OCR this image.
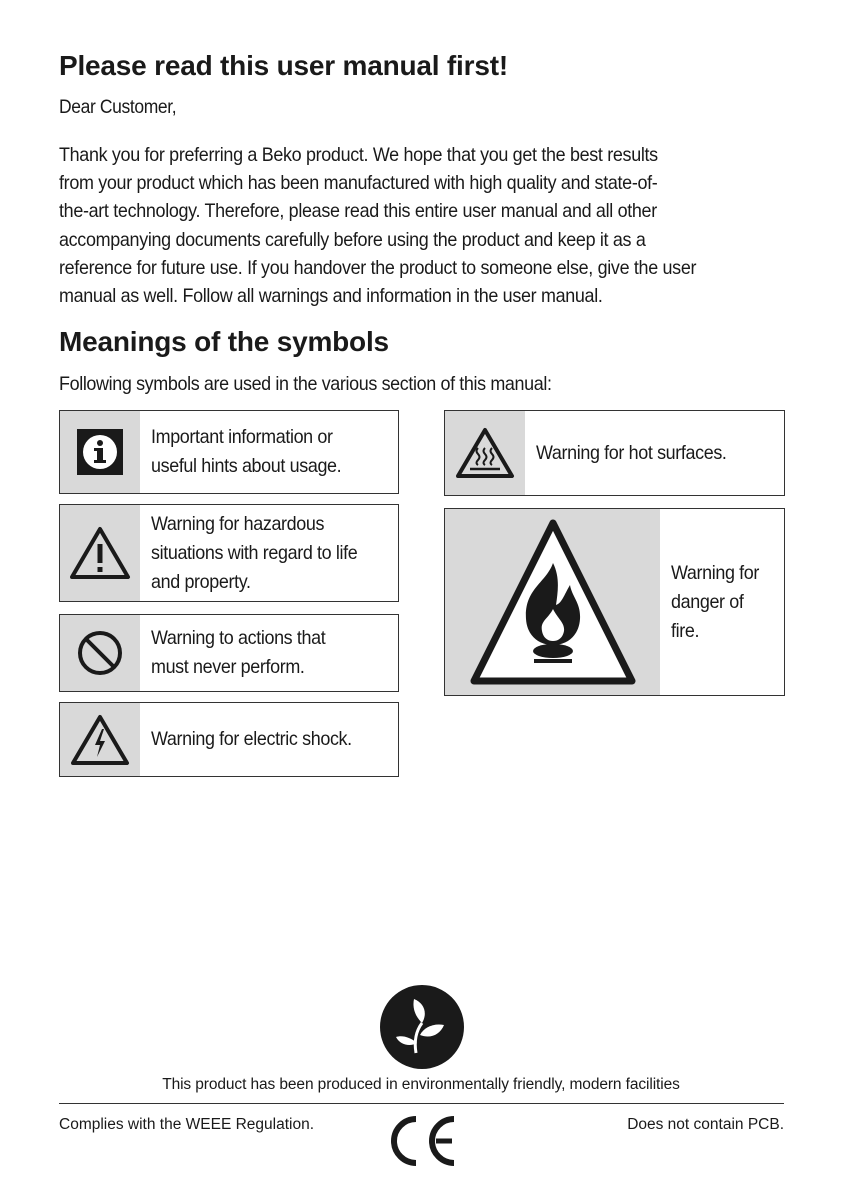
Please read this user manual first!
Dear Customer,
Thank you for preferring a Beko product. We hope that you get the best results
from your product which has been manufactured with high quality and state-of-
the-art technology. Therefore, please read this entire user manual and all other
accompanying documents carefully before using the product and keep it as a
reference for future use. If you handover the product to someone else, give the user
manual as well. Follow all warnings and information in the user manual.
Meanings of the symbols
Following symbols are used in the various section of this manual:
Important information or
useful hints about usage.
Warning for hazardous
situations with regard to life
and property.
Warning to actions that
must never perform.
Warning for electric shock.
Warning for hot surfaces.
Warning for
danger of
fire.
This product has been produced in environmentally friendly, modern facilities
Complies with the WEEE Regulation.	Does not contain PCB.
